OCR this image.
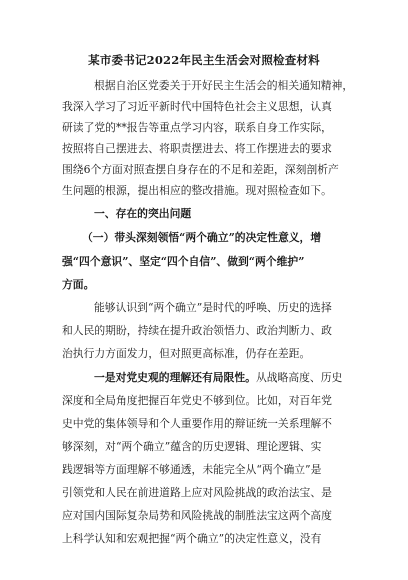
某市委书记2022年民主生活会对照检查材料
根据自治区党委关于开好民主生活会的相关通知精神，
我深入学习了习近平新时代中国特色社会主义思想，认真
研读了党的**报告等重点学习内容，联系自身工作实际，
按照将自己摆进去、将职责摆进去、将工作摆进去的要求
围绕6个方面对照查摆自身存在的不足和差距，深刻剖析产
生问题的根源，提出相应的整改措施。现对照检查如下。
一、存在的突出问题
（一）带头深刻领悟“两个确立”的决定性意义，增
强“四个意识”、坚定“四个自信”、做到“两个维护”
方面。
能够认识到“两个确立”是时代的呼唤、历史的选择
和人民的期盼，持续在提升政治领悟力、政治判断力、政
治执行力方面发力，但对照更高标准，仍存在差距。
一是对党史观的理解还有局限性。从战略高度、历史
深度和全局角度把握百年党史不够到位。比如，对百年党
史中党的集体领导和个人重要作用的辩证统一关系理解不
够深刻，对“两个确立”蕴含的历史逻辑、理论逻辑、实
践逻辑等方面理解不够通透，未能完全从“两个确立”是
引领党和人民在前进道路上应对风险挑战的政治法宝、是
应对国内国际复杂局势和风险挑战的制胜法宝这两个高度
上科学认知和宏观把握“两个确立”的决定性意义，没有
